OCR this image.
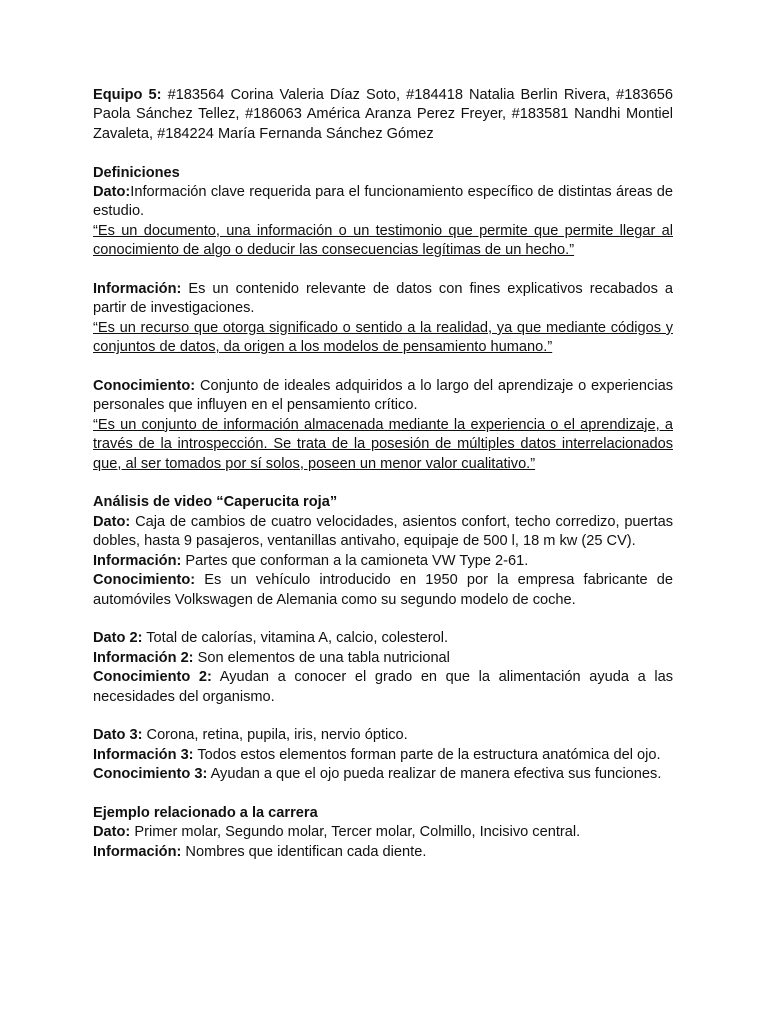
Equipo 5: #183564 Corina Valeria Díaz Soto, #184418 Natalia Berlin Rivera, #183656 Paola Sánchez Tellez, #186063 América Aranza Perez Freyer, #183581 Nandhi Montiel Zavaleta, #184224 María Fernanda Sánchez Gómez

Definiciones

Dato:Información clave requerida para el funcionamiento específico de distintas áreas de estudio.

“Es un documento, una información o un testimonio que permite que permite llegar al conocimiento de algo o deducir las consecuencias legítimas de un hecho.”

Información: Es un contenido relevante de datos con fines explicativos recabados a partir de investigaciones.

“Es un recurso que otorga significado o sentido a la realidad, ya que mediante códigos y conjuntos de datos, da origen a los modelos de pensamiento humano.”

Conocimiento: Conjunto de ideales adquiridos a lo largo del aprendizaje o experiencias personales que influyen en el pensamiento crítico.

“Es un conjunto de información almacenada mediante la experiencia o el aprendizaje, a través de la introspección. Se trata de la posesión de múltiples datos interrelacionados que, al ser tomados por sí solos, poseen un menor valor cualitativo.”

Análisis de video “Caperucita roja”

Dato: Caja de cambios de cuatro velocidades, asientos confort, techo corredizo, puertas dobles, hasta 9 pasajeros, ventanillas antivaho, equipaje de 500 l, 18 m kw (25 CV).

Información: Partes que conforman a la camioneta VW Type 2-61.

Conocimiento: Es un vehículo introducido en 1950 por la empresa fabricante de automóviles Volkswagen de Alemania como su segundo modelo de coche.

Dato 2: Total de calorías, vitamina A, calcio, colesterol.

Información 2: Son elementos de una tabla nutricional

Conocimiento 2: Ayudan a conocer el grado en que la alimentación ayuda a las necesidades del organismo.

Dato 3: Corona, retina, pupila, iris, nervio óptico.

Información 3: Todos estos elementos forman parte de la estructura anatómica del ojo.

Conocimiento 3: Ayudan a que el ojo pueda realizar de manera efectiva sus funciones.

Ejemplo relacionado a la carrera

Dato: Primer molar, Segundo molar, Tercer molar, Colmillo, Incisivo central.

Información: Nombres que identifican cada diente.
